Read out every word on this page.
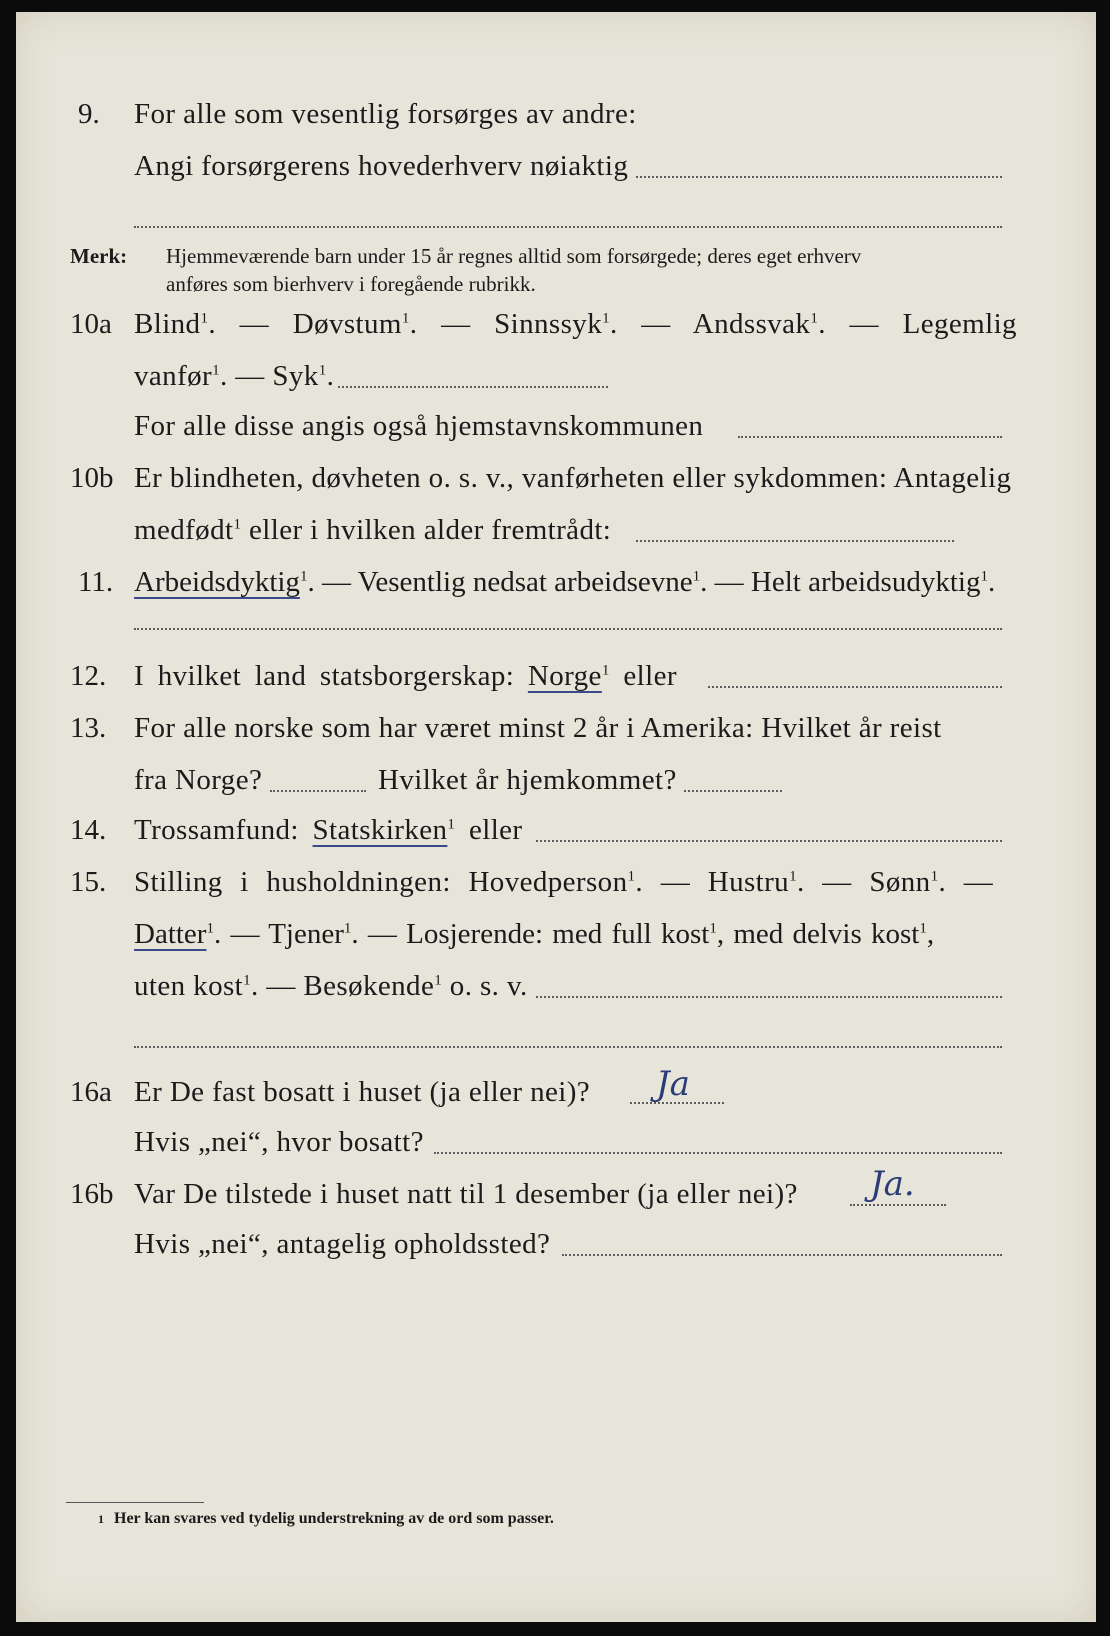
9. For alle som vesentlig forsørges av andre:
Angi forsørgerens hovederhverv nøiaktig
Merk: Hjemmeværende barn under 15 år regnes alltid som forsørgede; deres eget erhverv
anføres som bierhverv i foregående rubrikk.
10a Blind$^1$. — Døvstum$^1$. — Sinnssyk$^1$. — Andssvak$^1$. — Legemlig
vanfør$^1$. — Syk$^1$.
For alle disse angis også hjemstavnskommunen
10b Er blindheten, døvheten o. s. v., vanførheten eller sykdommen: Antagelig
medfødt$^1$ eller i hvilken alder fremtrådt:
11. Arbeidsdyktig$^1$. — Vesentlig nedsat arbeidsevne$^1$. — Helt arbeidsudyktig$^1$.
12. I hvilket land statsborgerskap: Norge$^1$ eller
13. For alle norske som har været minst 2 år i Amerika: Hvilket år reist
fra Norge?	Hvilket år hjemkommet?
14. Trossamfund: Statskirken$^1$ eller
15. Stilling i husholdningen: Hovedperson$^1$. — Hustru$^1$. — Sønn$^1$. —
Datter$^1$. — Tjener$^1$. — Losjerende: med full kost$^1$, med delvis kost$^1$,
uten kost$^1$. — Besøkende$^1$ o. s. v.
16a Er De fast bosatt i huset (ja eller nei)? Ja
Hvis „nei“, hvor bosatt?
16b Var De tilstede i huset natt til 1 desember (ja eller nei)? Ja.
Hvis „nei“, antagelig opholdssted?
1 Her kan svares ved tydelig understrekning av de ord som passer.
